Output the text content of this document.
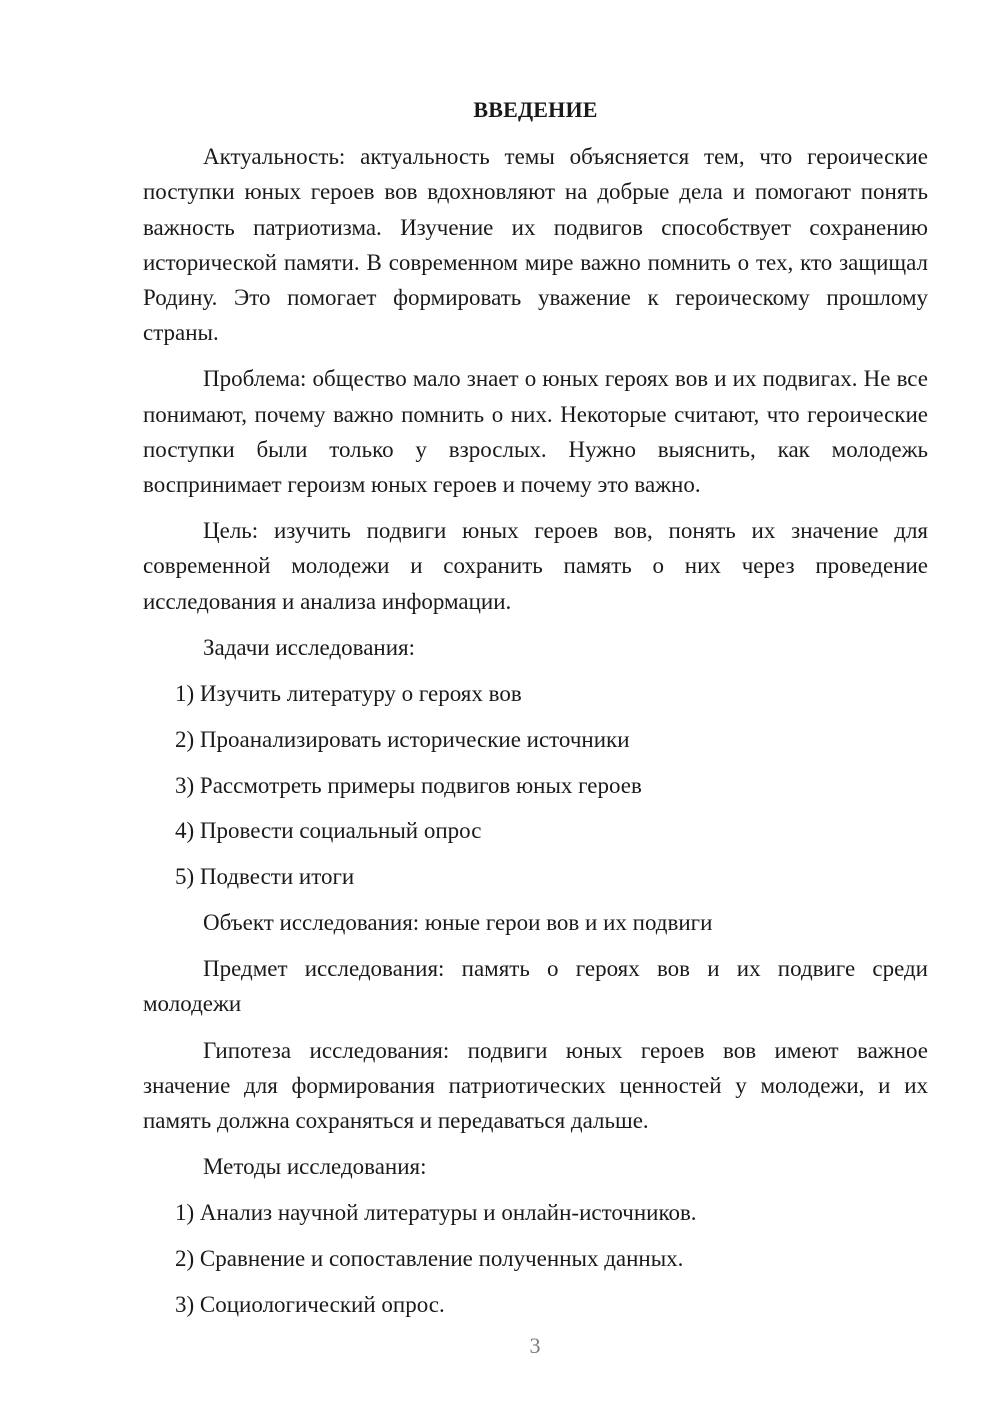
ВВЕДЕНИЕ

Актуальность: актуальность темы объясняется тем, что героические поступки юных героев вов вдохновляют на добрые дела и помогают понять важность патриотизма. Изучение их подвигов способствует сохранению исторической памяти. В современном мире важно помнить о тех, кто защищал Родину. Это помогает формировать уважение к героическому прошлому страны.

Проблема: общество мало знает о юных героях вов и их подвигах. Не все понимают, почему важно помнить о них. Некоторые считают, что героические поступки были только у взрослых. Нужно выяснить, как молодежь воспринимает героизм юных героев и почему это важно.

Цель: изучить подвиги юных героев вов, понять их значение для современной молодежи и сохранить память о них через проведение исследования и анализа информации.

Задачи исследования:

1) Изучить литературу о героях вов

2) Проанализировать исторические источники

3) Рассмотреть примеры подвигов юных героев

4) Провести социальный опрос

5) Подвести итоги

Объект исследования: юные герои вов и их подвиги

Предмет исследования: память о героях вов и их подвиге среди молодежи

Гипотеза исследования: подвиги юных героев вов имеют важное значение для формирования патриотических ценностей у молодежи, и их память должна сохраняться и передаваться дальше.

Методы исследования:

1) Анализ научной литературы и онлайн-источников.

2) Сравнение и сопоставление полученных данных.

3) Социологический опрос.

3
